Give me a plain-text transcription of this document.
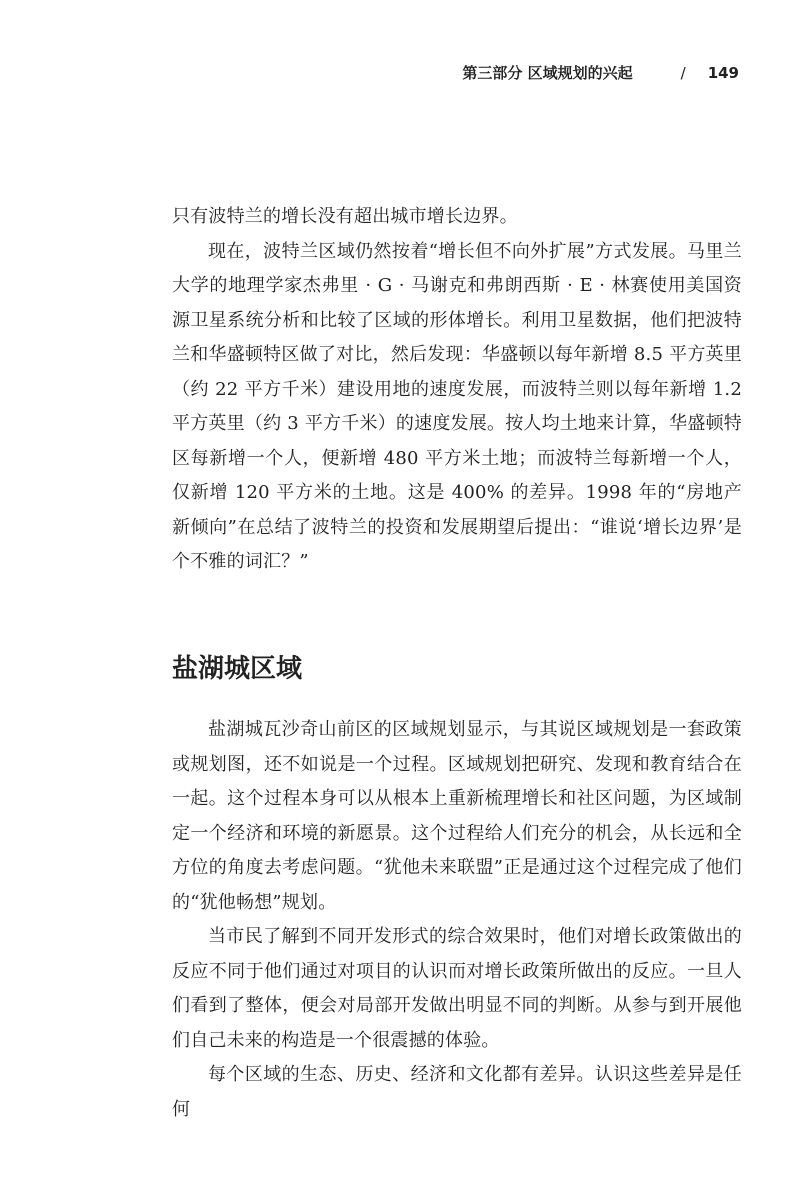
第三部分 区域规划的兴起	/ 149

只有波特兰的增长没有超出城市增长边界。

现在，波特兰区域仍然按着“增长但不向外扩展”方式发展。马里兰大学的地理学家杰弗里 · G · 马谢克和弗朗西斯 · E · 林赛使用美国资源卫星系统分析和比较了区域的形体增长。利用卫星数据，他们把波特兰和华盛顿特区做了对比，然后发现：华盛顿以每年新增 8.5 平方英里（约 22 平方千米）建设用地的速度发展，而波特兰则以每年新增 1.2 平方英里（约 3 平方千米）的速度发展。按人均土地来计算，华盛顿特区每新增一个人，便新增 480 平方米土地；而波特兰每新增一个人，仅新增 120 平方米的土地。这是 400% 的差异。1998 年的“房地产新倾向”在总结了波特兰的投资和发展期望后提出：“谁说‘增长边界’是个不雅的词汇？”

盐湖城区域

盐湖城瓦沙奇山前区的区域规划显示，与其说区域规划是一套政策或规划图，还不如说是一个过程。区域规划把研究、发现和教育结合在一起。这个过程本身可以从根本上重新梳理增长和社区问题，为区域制定一个经济和环境的新愿景。这个过程给人们充分的机会，从长远和全方位的角度去考虑问题。“犹他未来联盟”正是通过这个过程完成了他们的“犹他畅想”规划。

当市民了解到不同开发形式的综合效果时，他们对增长政策做出的反应不同于他们通过对项目的认识而对增长政策所做出的反应。一旦人们看到了整体，便会对局部开发做出明显不同的判断。从参与到开展他们自己未来的构造是一个很震撼的体验。

每个区域的生态、历史、经济和文化都有差异。认识这些差异是任何
